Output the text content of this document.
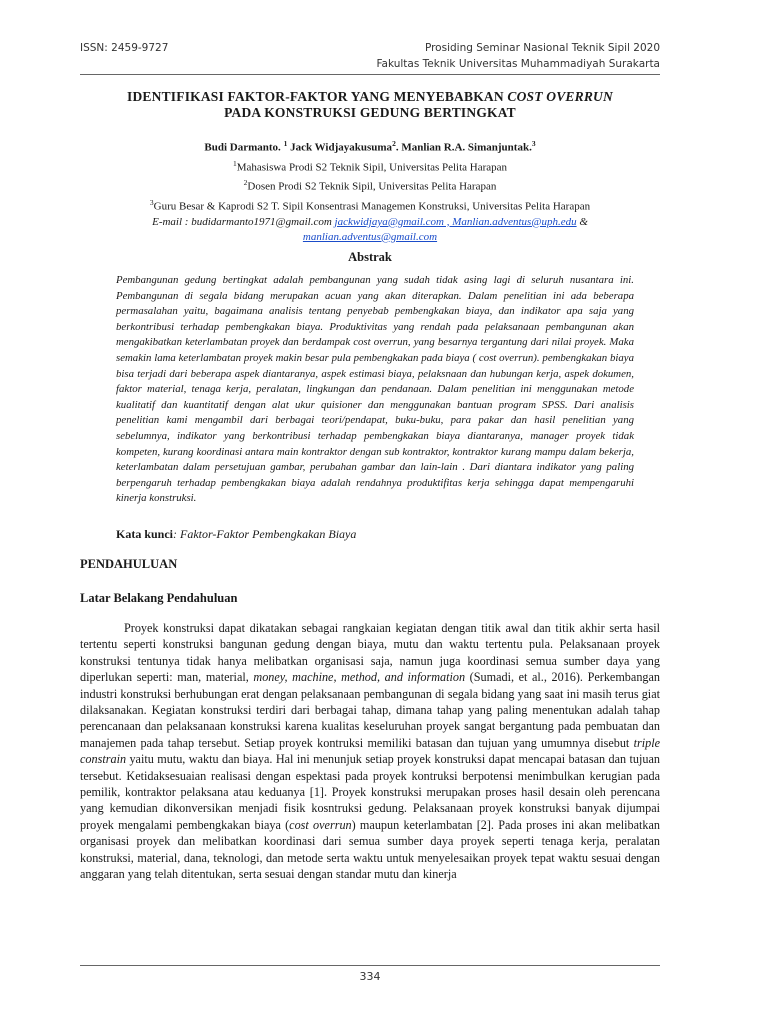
ISSN: 2459-9727	Prosiding Seminar Nasional Teknik Sipil 2020
Fakultas Teknik Universitas Muhammadiyah Surakarta
IDENTIFIKASI FAKTOR-FAKTOR YANG MENYEBABKAN COST OVERRUN
PADA KONSTRUKSI GEDUNG BERTINGKAT
Budi Darmanto. $^1$ Jack Widjayakusuma$^2$. Manlian R.A. Simanjuntak.$^3$
$^1$Mahasiswa Prodi S2 Teknik Sipil, Universitas Pelita Harapan
$^2$Dosen Prodi S2 Teknik Sipil, Universitas Pelita Harapan
$^3$Guru Besar & Kaprodi S2 T. Sipil Konsentrasi Managemen Konstruksi, Universitas Pelita Harapan
E-mail : budidarmanto1971@gmail.com jackwidjaya@gmail.com , Manlian.adventus@uph.edu &
manlian.adventus@gmail.com
Abstrak
Pembangunan gedung bertingkat adalah pembangunan yang sudah tidak asing lagi di seluruh nusantara ini. Pembangunan di segala bidang merupakan acuan yang akan diterapkan. Dalam penelitian ini ada beberapa permasalahan yaitu, bagaimana analisis tentang penyebab pembengkakan biaya, dan indikator apa saja yang berkontribusi terhadap pembengkakan biaya. Produktivitas yang rendah pada pelaksanaan pembangunan akan mengakibatkan keterlambatan proyek dan berdampak cost overrun, yang besarnya tergantung dari nilai proyek. Maka semakin lama keterlambatan proyek makin besar pula pembengkakan pada biaya ( cost overrun). pembengkakan biaya bisa terjadi dari beberapa aspek diantaranya, aspek estimasi biaya, pelaksnaan dan hubungan kerja, aspek dokumen, faktor material, tenaga kerja, peralatan, lingkungan dan pendanaan. Dalam penelitian ini menggunakan metode kualitatif dan kuantitatif dengan alat ukur quisioner dan menggunakan bantuan program SPSS. Dari analisis penelitian kami mengambil dari berbagai teori/pendapat, buku-buku, para pakar dan hasil penelitian yang sebelumnya, indikator yang berkontribusi terhadap pembengkakan biaya diantaranya, manager proyek tidak kompeten, kurang koordinasi antara main kontraktor dengan sub kontraktor, kontraktor kurang mampu dalam bekerja, keterlambatan dalam persetujuan gambar, perubahan gambar dan lain-lain . Dari diantara indikator yang paling berpengaruh terhadap pembengkakan biaya adalah rendahnya produktifitas kerja sehingga dapat mempengaruhi kinerja konstruksi.
Kata kunci: Faktor-Faktor Pembengkakan Biaya
PENDAHULUAN
Latar Belakang Pendahuluan
Proyek konstruksi dapat dikatakan sebagai rangkaian kegiatan dengan titik awal dan titik akhir serta hasil tertentu seperti konstruksi bangunan gedung dengan biaya, mutu dan waktu tertentu pula. Pelaksanaan proyek konstruksi tentunya tidak hanya melibatkan organisasi saja, namun juga koordinasi semua sumber daya yang diperlukan seperti: man, material, money, machine, method, and information (Sumadi, et al., 2016). Perkembangan industri konstruksi berhubungan erat dengan pelaksanaan pembangunan di segala bidang yang saat ini masih terus giat dilaksanakan. Kegiatan konstruksi terdiri dari berbagai tahap, dimana tahap yang paling menentukan adalah tahap perencanaan dan pelaksanaan konstruksi karena kualitas keseluruhan proyek sangat bergantung pada pembuatan dan manajemen pada tahap tersebut. Setiap proyek kontruksi memiliki batasan dan tujuan yang umumnya disebut triple constrain yaitu mutu, waktu dan biaya. Hal ini menunjuk setiap proyek konstruksi dapat mencapai batasan dan tujuan tersebut. Ketidaksesuaian realisasi dengan espektasi pada proyek kontruksi berpotensi menimbulkan kerugian pada pemilik, kontraktor pelaksana atau keduanya [1]. Proyek konstruksi merupakan proses hasil desain oleh perencana yang kemudian dikonversikan menjadi fisik kosntruksi gedung. Pelaksanaan proyek konstruksi banyak dijumpai proyek mengalami pembengkakan biaya (cost overrun) maupun keterlambatan [2]. Pada proses ini akan melibatkan organisasi proyek dan melibatkan koordinasi dari semua sumber daya proyek seperti tenaga kerja, peralatan konstruksi, material, dana, teknologi, dan metode serta waktu untuk menyelesaikan proyek tepat waktu sesuai dengan anggaran yang telah ditentukan, serta sesuai dengan standar mutu dan kinerja
334
